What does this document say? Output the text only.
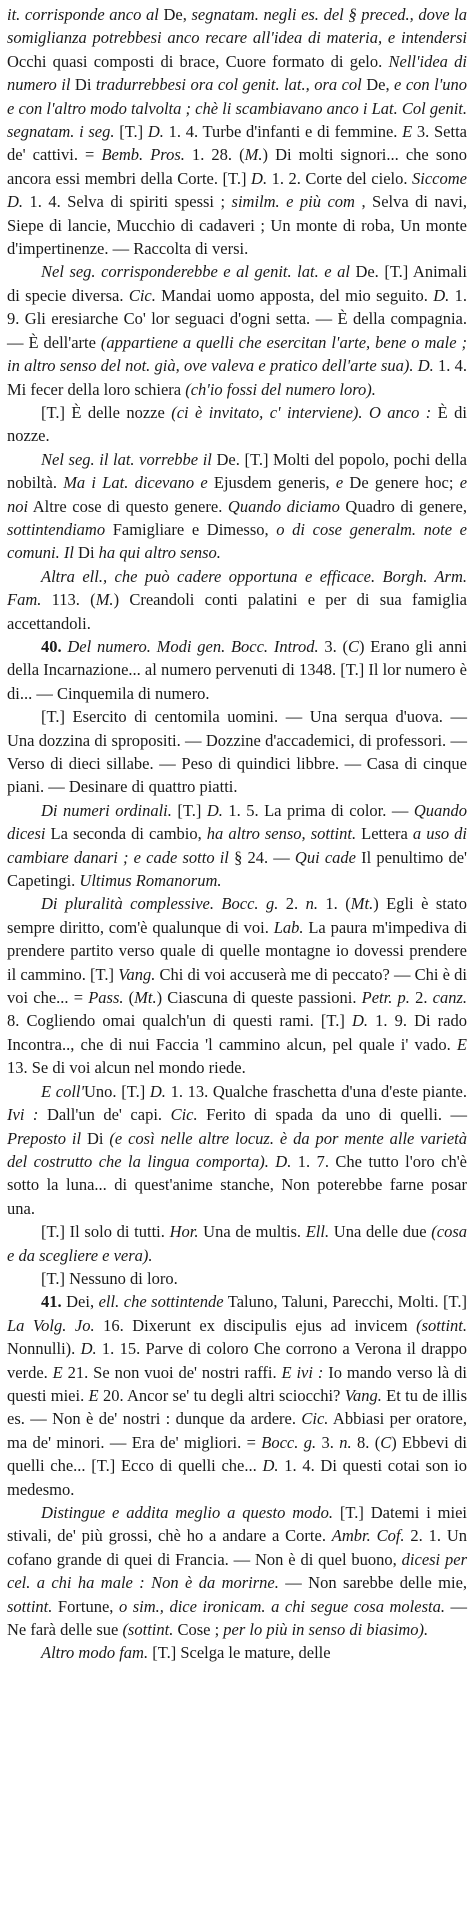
it. corrisponde anco al De, segnatam. negli es. del § preced., dove la somiglianza potrebbesi anco recare all'idea di materia, e intendersi Occhi quasi composti di brace, Cuore formato di gelo. Nell'idea di numero il Di tradurrebbesi ora col genit. lat., ora col De, e con l'uno e con l'altro modo talvolta ; chè li scambiavano anco i Lat. Col genit. segnatam. i seg. [T.] D. 1. 4. Turbe d'infanti e di femmine. E 3. Setta de' cattivi. = Bemb. Pros. 1. 28. (M.) Di molti signori... che sono ancora essi membri della Corte. [T.] D. 1. 2. Corte del cielo. Siccome D. 1. 4. Selva di spiriti spessi ; similm. e più com , Selva di navi, Siepe di lancie, Mucchio di cadaveri ; Un monte di roba, Un monte d'impertinenze. — Raccolta di versi.

Nel seg. corrisponderebbe e al genit. lat. e al De. [T.] Animali di specie diversa. Cic. Mandai uomo apposta, del mio seguito. D. 1. 9. Gli eresiarche Co' lor seguaci d'ogni setta. — È della compagnia. — È dell'arte (appartiene a quelli che esercitan l'arte, bene o male ; in altro senso del not. già, ove valeva e pratico dell'arte sua). D. 1. 4. Mi fecer della loro schiera (ch'io fossi del numero loro).

[T.] È delle nozze (ci è invitato, c' interviene). O anco : È di nozze.

Nel seg. il lat. vorrebbe il De. [T.] Molti del popolo, pochi della nobiltà. Ma i Lat. dicevano e Ejusdem generis, e De genere hoc; e noi Altre cose di questo genere. Quando diciamo Quadro di genere, sottintendiamo Famigliare e Dimesso, o di cose generalm. note e comuni. Il Di ha qui altro senso.

Altra ell., che può cadere opportuna e efficace. Borgh. Arm. Fam. 113. (M.) Creandoli conti palatini e per di sua famiglia accettandoli.

40. Del numero. Modi gen. Bocc. Introd. 3. (C) Erano gli anni della Incarnazione... al numero pervenuti di 1348. [T.] Il lor numero è di... — Cinquemila di numero.

[T.] Esercito di centomila uomini. — Una serqua d'uova. — Una dozzina di spropositi. — Dozzine d'accademici, di professori. — Verso di dieci sillabe. — Peso di quindici libbre. — Casa di cinque piani. — Desinare di quattro piatti.

Di numeri ordinali. [T.] D. 1. 5. La prima di color. — Quando dicesi La seconda di cambio, ha altro senso, sottint. Lettera a uso di cambiare danari ; e cade sotto il § 24. — Qui cade Il penultimo de' Capetingi. Ultimus Romanorum.

Di pluralità complessive. Bocc. g. 2. n. 1. (Mt.) Egli è stato sempre diritto, com'è qualunque di voi. Lab. La paura m'impediva di prendere partito verso quale di quelle montagne io dovessi prendere il cammino. [T.] Vang. Chi di voi accuserà me di peccato? — Chi è di voi che... = Pass. (Mt.) Ciascuna di queste passioni. Petr. p. 2. canz. 8. Cogliendo omai qualch'un di questi rami. [T.] D. 1. 9. Di rado Incontra.., che di nui Faccia 'l cammino alcun, pel quale i' vado. E 13. Se di voi alcun nel mondo riede.

E coll'Uno. [T.] D. 1. 13. Qualche fraschetta d'una d'este piante. Ivi : Dall'un de' capi. Cic. Ferito di spada da uno di quelli. — Preposto il Di (e così nelle altre locuz. è da por mente alle varietà del costrutto che la lingua comporta). D. 1. 7. Che tutto l'oro ch'è sotto la luna... di quest'anime stanche, Non poterebbe farne posar una.

[T.] Il solo di tutti. Hor. Una de multis. Ell. Una delle due (cosa e da scegliere e vera).

[T.] Nessuno di loro.

41. Dei, ell. che sottintende Taluno, Taluni, Parecchi, Molti. [T.] La Volg. Jo. 16. Dixerunt ex discipulis ejus ad invicem (sottint. Nonnulli). D. 1. 15. Parve di coloro Che corrono a Verona il drappo verde. E 21. Se non vuoi de' nostri raffi. E ivi : Io mando verso là di questi miei. E 20. Ancor se' tu degli altri sciocchi? Vang. Et tu de illis es. — Non è de' nostri : dunque da ardere. Cic. Abbiasi per oratore, ma de' minori. — Era de' migliori. = Bocc. g. 3. n. 8. (C) Ebbevi di quelli che... [T.] Ecco di quelli che... D. 1. 4. Di questi cotai son io medesmo.

Distingue e addita meglio a questo modo. [T.] Datemi i miei stivali, de' più grossi, chè ho a andare a Corte. Ambr. Cof. 2. 1. Un cofano grande di quei di Francia. — Non è di quel buono, dicesi per cel. a chi ha male : Non è da morirne. — Non sarebbe delle mie, sottint. Fortune, o sim., dice ironicam. a chi segue cosa molesta. — Ne farà delle sue (sottint. Cose ; per lo più in senso di biasimo).

Altro modo fam. [T.] Scelga le mature, delle
